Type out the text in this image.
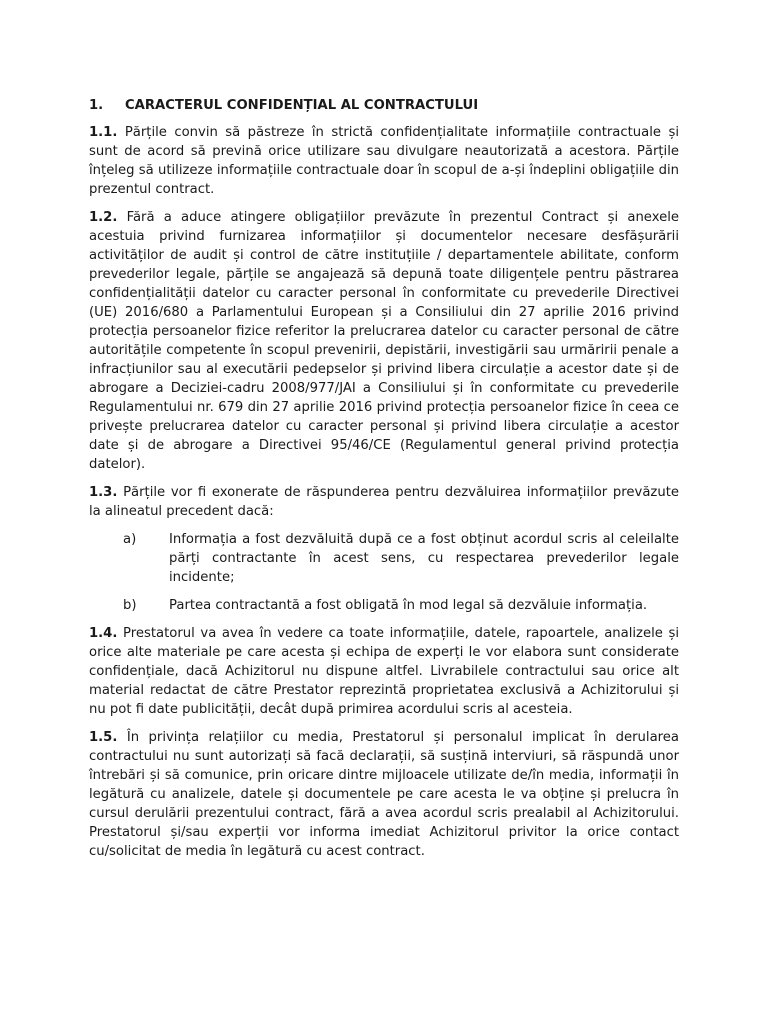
1.	CARACTERUL CONFIDENȚIAL AL CONTRACTULUI

1.1. Părțile convin să păstreze în strictă confidențialitate informațiile contractuale și sunt de acord să prevină orice utilizare sau divulgare neautorizată a acestora. Părțile înțeleg să utilizeze informațiile contractuale doar în scopul de a-și îndeplini obligațiile din prezentul contract.

1.2. Fără a aduce atingere obligațiilor prevăzute în prezentul Contract și anexele acestuia privind furnizarea informațiilor și documentelor necesare desfășurării activităților de audit și control de către instituțiile / departamentele abilitate, conform prevederilor legale, părțile se angajează să depună toate diligențele pentru păstrarea confidențialității datelor cu caracter personal în conformitate cu prevederile Directivei (UE) 2016/680 a Parlamentului European și a Consiliului din 27 aprilie 2016 privind protecția persoanelor fizice referitor la prelucrarea datelor cu caracter personal de către autoritățile competente în scopul prevenirii, depistării, investigării sau urmăririi penale a infracțiunilor sau al executării pedepselor și privind libera circulație a acestor date și de abrogare a Deciziei-cadru 2008/977/JAI a Consiliului și în conformitate cu prevederile Regulamentului nr. 679 din 27 aprilie 2016 privind protecția persoanelor fizice în ceea ce privește prelucrarea datelor cu caracter personal și privind libera circulație a acestor date și de abrogare a Directivei 95/46/CE (Regulamentul general privind protecția datelor).

1.3. Părțile vor fi exonerate de răspunderea pentru dezvăluirea informațiilor prevăzute la alineatul precedent dacă:

a)	Informația a fost dezvăluită după ce a fost obținut acordul scris al celeilalte părți contractante în acest sens, cu respectarea prevederilor legale incidente;
b)	Partea contractantă a fost obligată în mod legal să dezvăluie informația.

1.4. Prestatorul va avea în vedere ca toate informațiile, datele, rapoartele, analizele și orice alte materiale pe care acesta și echipa de experți le vor elabora sunt considerate confidențiale, dacă Achizitorul nu dispune altfel. Livrabilele contractului sau orice alt material redactat de către Prestator reprezintă proprietatea exclusivă a Achizitorului și nu pot fi date publicității, decât după primirea acordului scris al acesteia.

1.5. În privința relațiilor cu media, Prestatorul și personalul implicat în derularea contractului nu sunt autorizați să facă declarații, să susțină interviuri, să răspundă unor întrebări și să comunice, prin oricare dintre mijloacele utilizate de/în media, informații în legătură cu analizele, datele și documentele pe care acesta le va obține și prelucra în cursul derulării prezentului contract, fără a avea acordul scris prealabil al Achizitorului. Prestatorul și/sau experții vor informa imediat Achizitorul privitor la orice contact cu/solicitat de media în legătură cu acest contract.
